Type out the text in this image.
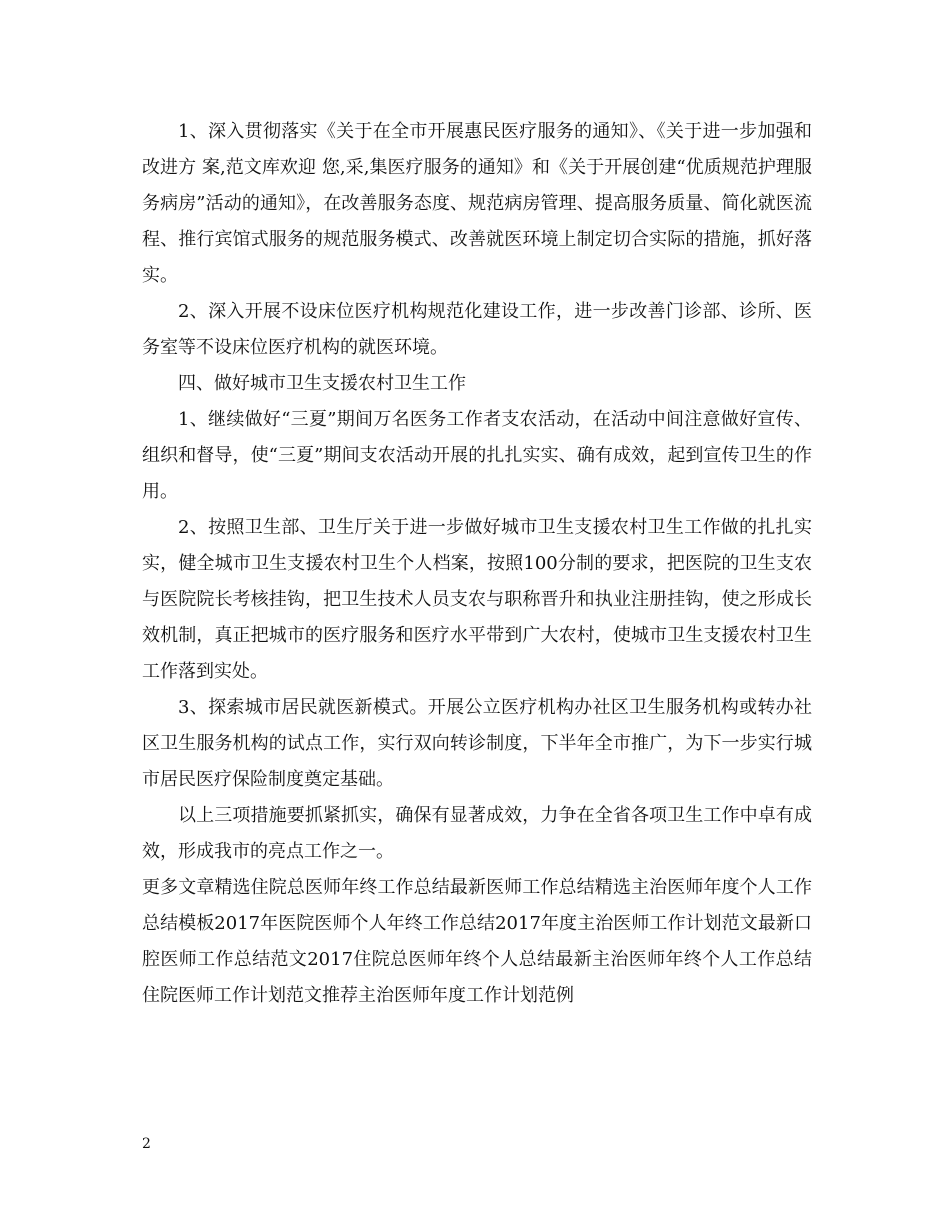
1、深入贯彻落实《关于在全市开展惠民医疗服务的通知》、《关于进一步加强和改进方 案,范文库欢迎 您,采,集医疗服务的通知》和《关于开展创建“优质规范护理服务病房”活动的通知》，在改善服务态度、规范病房管理、提高服务质量、简化就医流程、推行宾馆式服务的规范服务模式、改善就医环境上制定切合实际的措施，抓好落实。

2、深入开展不设床位医疗机构规范化建设工作，进一步改善门诊部、诊所、医务室等不设床位医疗机构的就医环境。

四、做好城市卫生支援农村卫生工作

1、继续做好“三夏”期间万名医务工作者支农活动，在活动中间注意做好宣传、组织和督导，使“三夏”期间支农活动开展的扎扎实实、确有成效，起到宣传卫生的作用。

2、按照卫生部、卫生厅关于进一步做好城市卫生支援农村卫生工作做的扎扎实实，健全城市卫生支援农村卫生个人档案，按照100分制的要求，把医院的卫生支农与医院院长考核挂钩，把卫生技术人员支农与职称晋升和执业注册挂钩，使之形成长效机制，真正把城市的医疗服务和医疗水平带到广大农村，使城市卫生支援农村卫生工作落到实处。

3、探索城市居民就医新模式。开展公立医疗机构办社区卫生服务机构或转办社区卫生服务机构的试点工作，实行双向转诊制度，下半年全市推广，为下一步实行城市居民医疗保险制度奠定基础。

以上三项措施要抓紧抓实，确保有显著成效，力争在全省各项卫生工作中卓有成效，形成我市的亮点工作之一。

更多文章精选住院总医师年终工作总结最新医师工作总结精选主治医师年度个人工作总结模板2017年医院医师个人年终工作总结2017年度主治医师工作计划范文最新口腔医师工作总结范文2017住院总医师年终个人总结最新主治医师年终个人工作总结住院医师工作计划范文推荐主治医师年度工作计划范例

2
